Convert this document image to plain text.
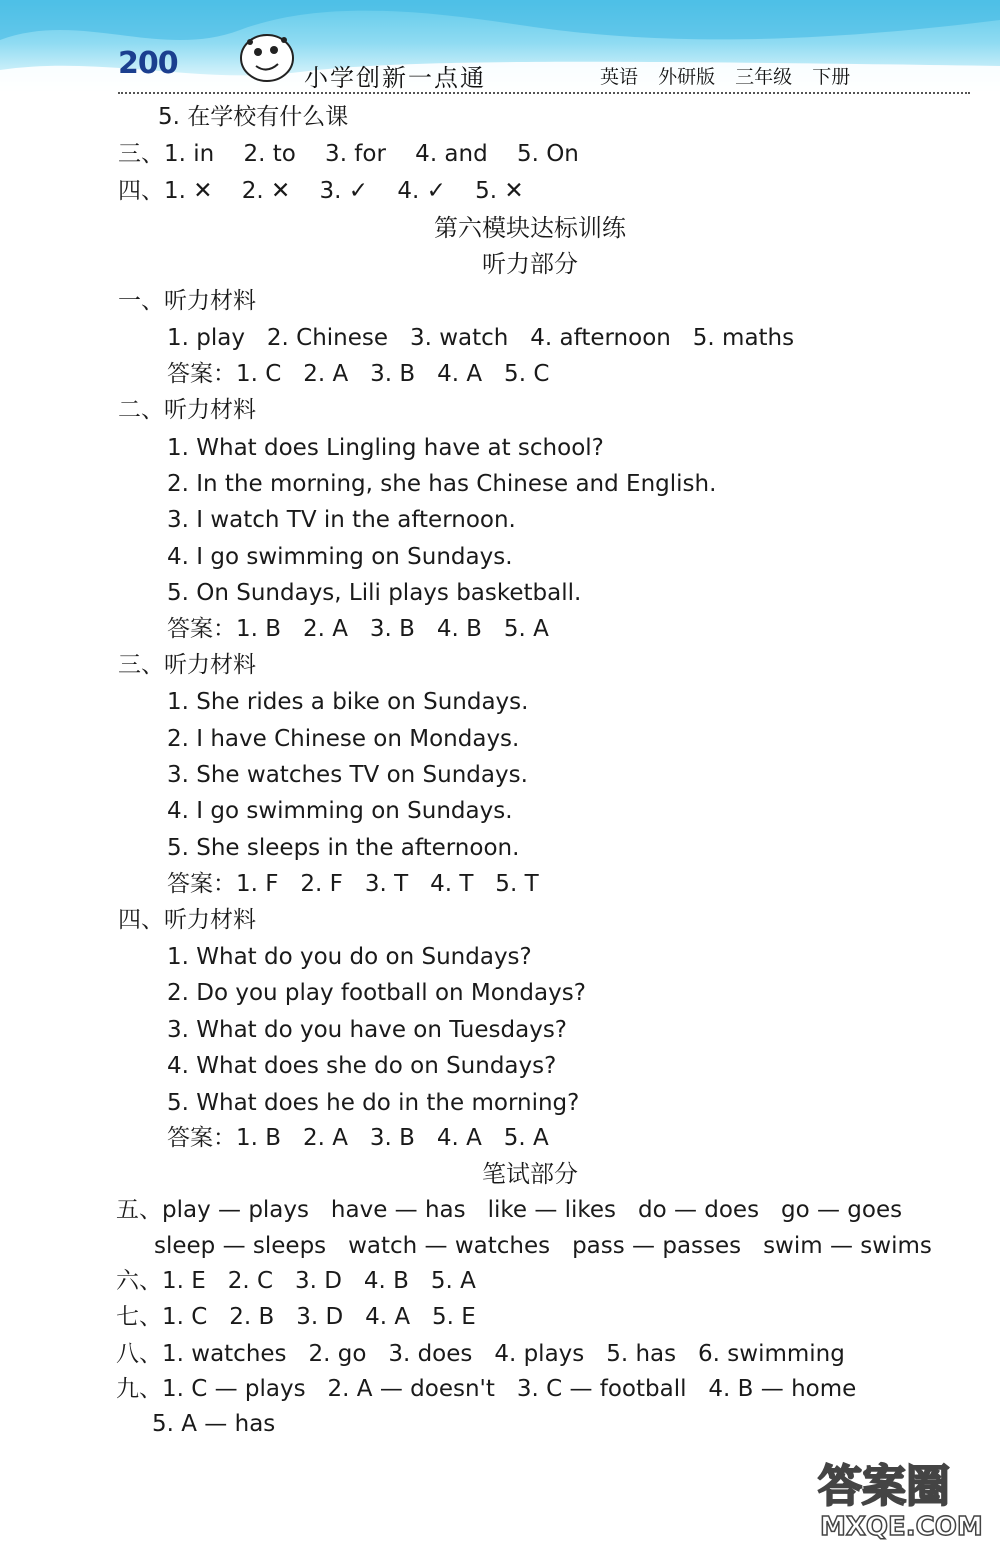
200	小学创新一点通	英语 外研版 三年级 下册
5. 在学校有什么课
三、1. in    2. to    3. for    4. and    5. On
四、1. ✕    2. ✕    3. ✓    4. ✓    5. ✕
第六模块达标训练
听力部分
一、听力材料
1. play   2. Chinese   3. watch   4. afternoon   5. maths
答案：1. C   2. A   3. B   4. A   5. C
二、听力材料
1. What does Lingling have at school?
2. In the morning, she has Chinese and English.
3. I watch TV in the afternoon.
4. I go swimming on Sundays.
5. On Sundays, Lili plays basketball.
答案：1. B   2. A   3. B   4. B   5. A
三、听力材料
1. She rides a bike on Sundays.
2. I have Chinese on Mondays.
3. She watches TV on Sundays.
4. I go swimming on Sundays.
5. She sleeps in the afternoon.
答案：1. F   2. F   3. T   4. T   5. T
四、听力材料
1. What do you do on Sundays?
2. Do you play football on Mondays?
3. What do you have on Tuesdays?
4. What does she do on Sundays?
5. What does he do in the morning?
答案：1. B   2. A   3. B   4. A   5. A
笔试部分
五、play — plays   have — has   like — likes   do — does   go — goes
sleep — sleeps   watch — watches   pass — passes   swim — swims
六、1. E   2. C   3. D   4. B   5. A
七、1. C   2. B   3. D   4. A   5. E
八、1. watches   2. go   3. does   4. plays   5. has   6. swimming
九、1. C — plays   2. A — doesn't   3. C — football   4. B — home
5. A — has
答案圈
MXQE.COM
